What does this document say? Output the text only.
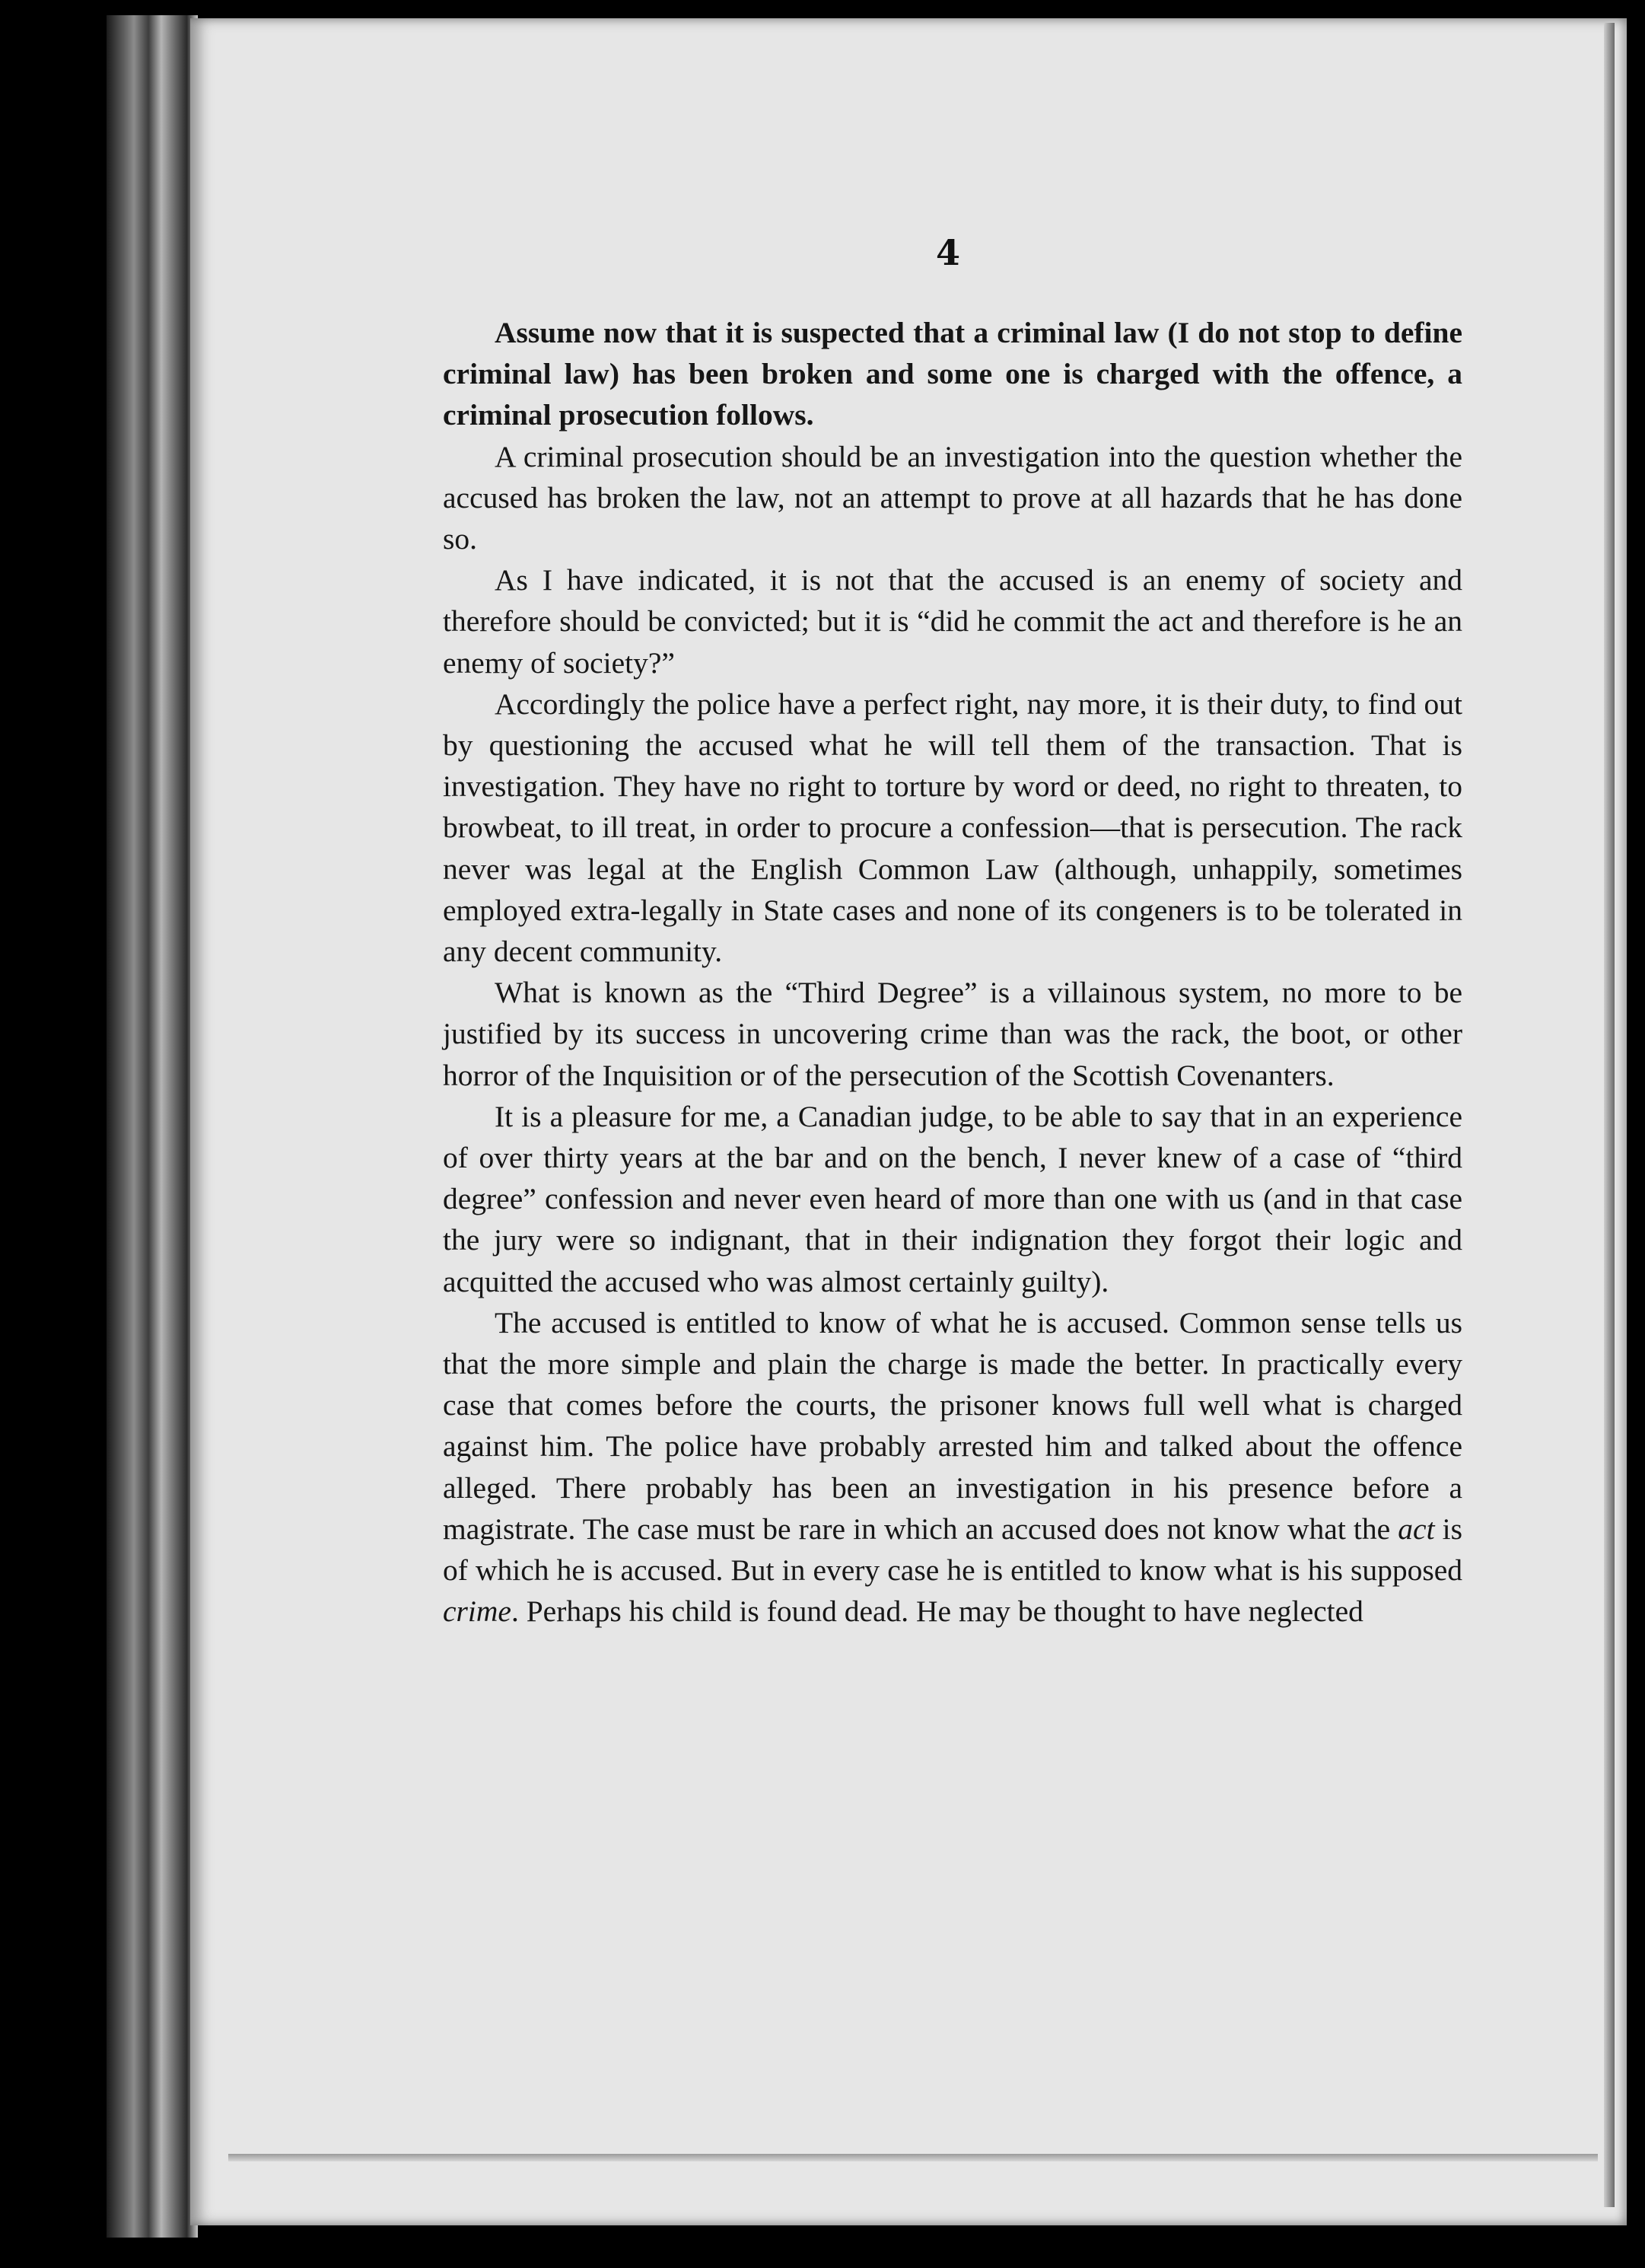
4

Assume now that it is suspected that a criminal law (I do not stop to define criminal law) has been broken and some one is charged with the offence, a criminal prosecution follows.

A criminal prosecution should be an investigation into the question whether the accused has broken the law, not an attempt to prove at all hazards that he has done so.

As I have indicated, it is not that the accused is an enemy of society and therefore should be convicted; but it is “did he commit the act and therefore is he an enemy of society?”

Accordingly the police have a perfect right, nay more, it is their duty, to find out by questioning the accused what he will tell them of the transaction. That is investigation. They have no right to torture by word or deed, no right to threaten, to browbeat, to ill treat, in order to procure a confession—that is persecution. The rack never was legal at the English Common Law (although, unhappily, sometimes employed extra-legally in State cases and none of its congeners is to be tolerated in any decent community.

What is known as the “Third Degree” is a villainous system, no more to be justified by its success in uncovering crime than was the rack, the boot, or other horror of the Inquisition or of the persecution of the Scottish Covenanters.

It is a pleasure for me, a Canadian judge, to be able to say that in an experience of over thirty years at the bar and on the bench, I never knew of a case of “third degree” confession and never even heard of more than one with us (and in that case the jury were so indignant, that in their indignation they forgot their logic and acquitted the accused who was almost certainly guilty).

The accused is entitled to know of what he is accused. Common sense tells us that the more simple and plain the charge is made the better. In practically every case that comes before the courts, the prisoner knows full well what is charged against him. The police have probably arrested him and talked about the offence alleged. There probably has been an investigation in his presence before a magistrate. The case must be rare in which an accused does not know what the act is of which he is accused. But in every case he is entitled to know what is his supposed crime. Perhaps his child is found dead. He may be thought to have neglected
